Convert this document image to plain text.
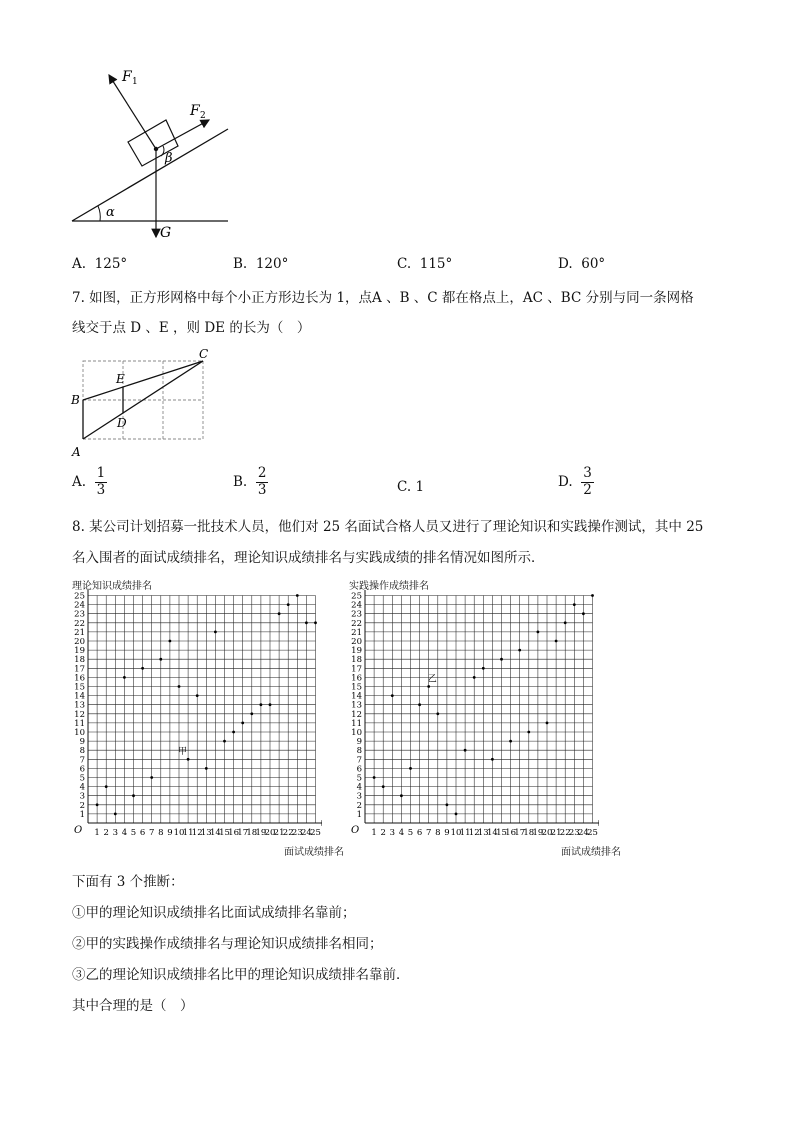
F 1
F 2
β
α
G
A. 125°	B. 120°	C. 115°	D. 60°
7. 如图，正方形网格中每个小正方形边长为 1，点A 、B 、C 都在格点上，AC 、BC 分别与同一条网格
线交于点 D 、E ，则 DE 的长为（　）
A
B
C
D
E
A. $\frac{1}{3}$	B. $\frac{2}{3}$	C. 1	D. $\frac{3}{2}$
8. 某公司计划招募一批技术人员，他们对 25 名面试合格人员又进行了理论知识和实践操作测试，其中 25
名入围者的面试成绩排名，理论知识成绩排名与实践成绩的排名情况如图所示．
理论知识成绩排名
1
1
2
2
3
3
4
4
5
5
6
6
7
7
8
8
9
9
10
10
11
11
12
12
13
13
14
14
15
15
16
16
17
17
18
18
19
19
20
20
21
21
22
22
23
23
24
24
25
25
O
甲
面试成绩排名
实践操作成绩排名
1
1
2
2
3
3
4
4
5
5
6
6
7
7
8
8
9
9
10
10
11
11
12
12
13
13
14
14
15
15
16
16
17
17
18
18
19
19
20
20
21
21
22
22
23
23
24
24
25
25
O
乙
面试成绩排名
下面有 3 个推断：
①甲的理论知识成绩排名比面试成绩排名靠前；
②甲的实践操作成绩排名与理论知识成绩排名相同；
③乙的理论知识成绩排名比甲的理论知识成绩排名靠前．
其中合理的是（　）
